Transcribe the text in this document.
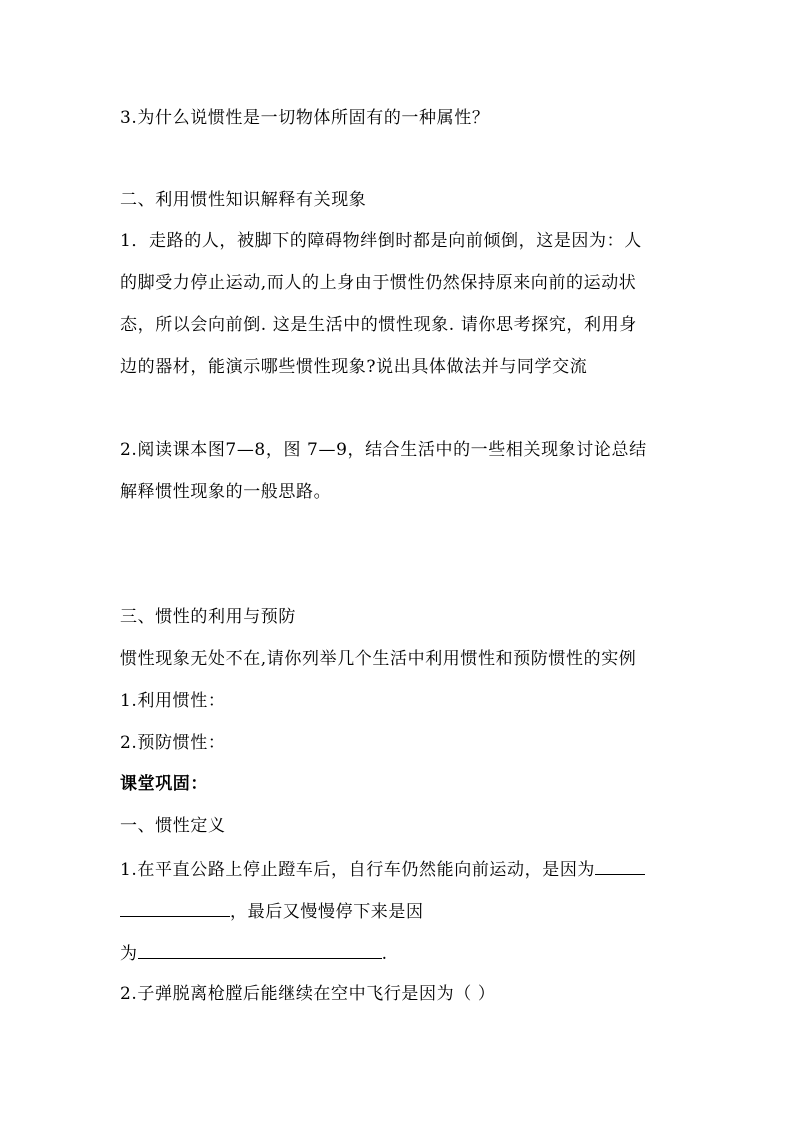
3.为什么说惯性是一切物体所固有的一种属性？
二、利用惯性知识解释有关现象
1．走路的人，被脚下的障碍物绊倒时都是向前倾倒，这是因为：人
的脚受力停止运动,而人的上身由于惯性仍然保持原来向前的运动状
态，所以会向前倒. 这是生活中的惯性现象. 请你思考探究，利用身
边的器材，能演示哪些惯性现象?说出具体做法并与同学交流
2.阅读课本图7—8，图 7—9，结合生活中的一些相关现象讨论总结
解释惯性现象的一般思路。
三、惯性的利用与预防
惯性现象无处不在,请你列举几个生活中利用惯性和预防惯性的实例
1.利用惯性：
2.预防惯性：
课堂巩固：
一、惯性定义
1.在平直公路上停止蹬车后，自行车仍然能向前运动，是因为
，最后又慢慢停下来是因
为	.
2.子弹脱离枪膛后能继续在空中飞行是因为（ ）
